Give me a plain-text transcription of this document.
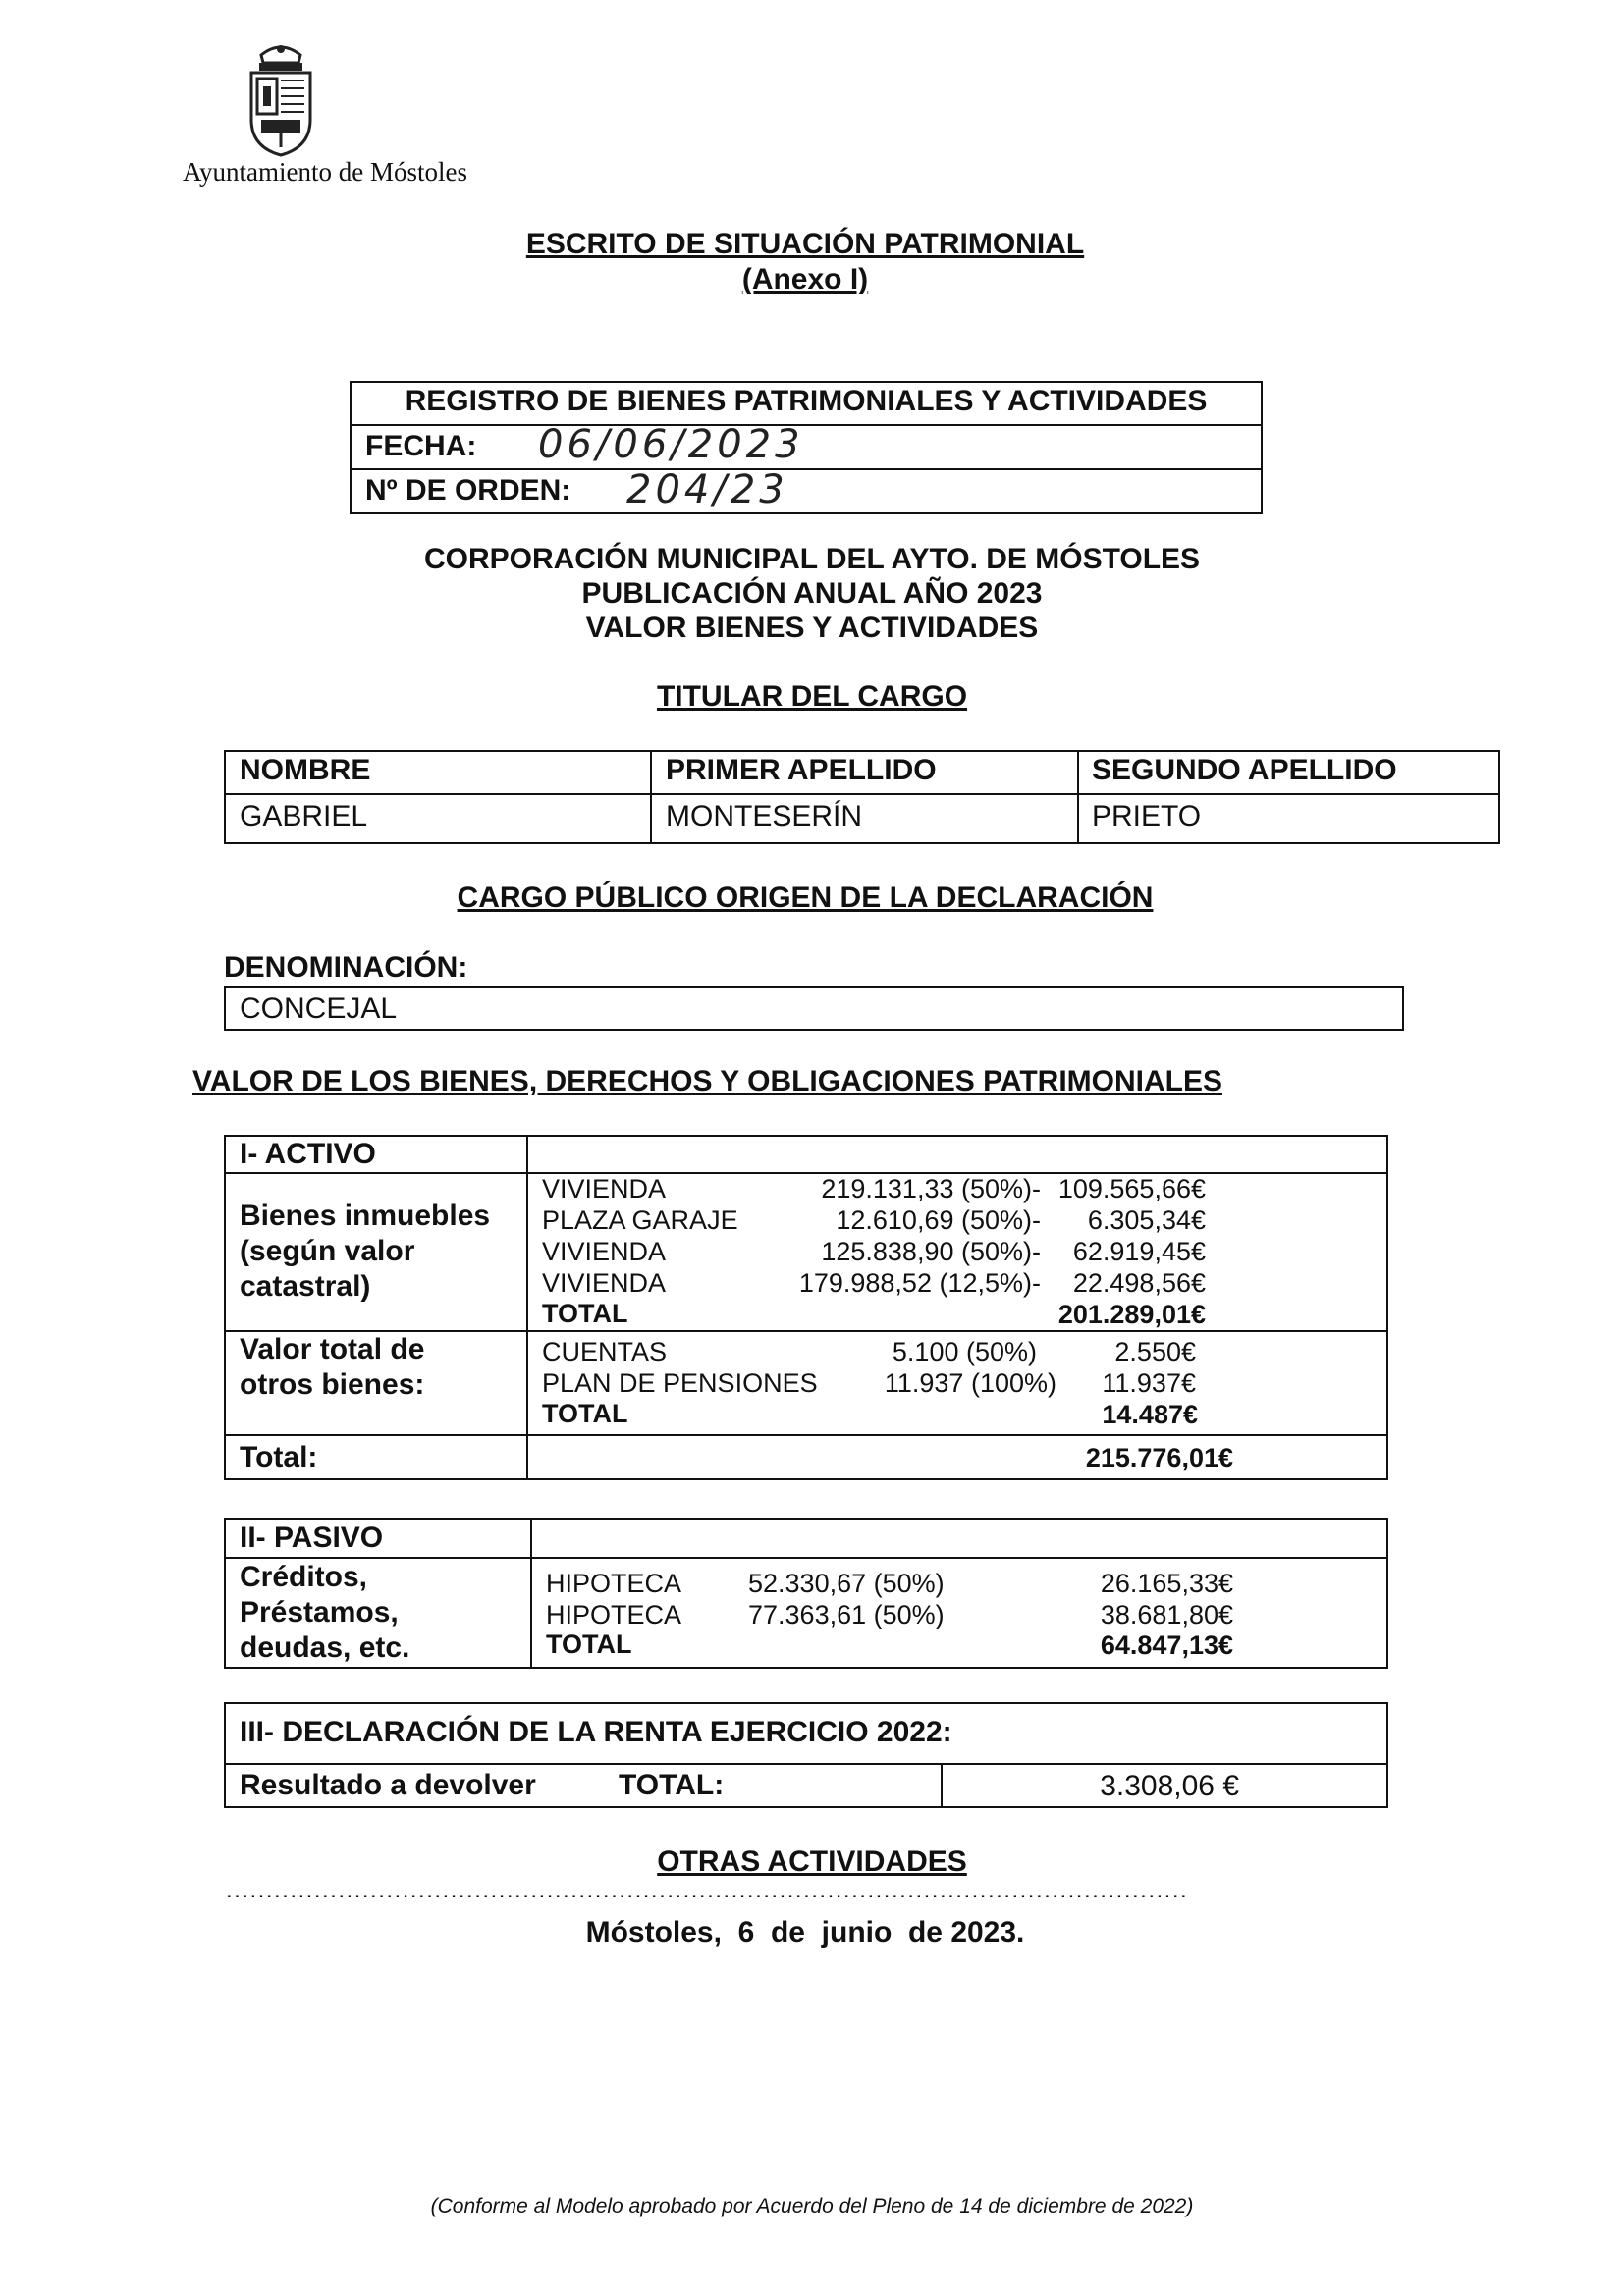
Ayuntamiento de Móstoles
ESCRITO DE SITUACIÓN PATRIMONIAL
(Anexo I)
REGISTRO DE BIENES PATRIMONIALES Y ACTIVIDADES
FECHA: 06/06/2023
Nº DE ORDEN: 204/23
CORPORACIÓN MUNICIPAL DEL AYTO. DE MÓSTOLES
PUBLICACIÓN ANUAL AÑO 2023
VALOR BIENES Y ACTIVIDADES
TITULAR DEL CARGO
NOMBRE	PRIMER APELLIDO	SEGUNDO APELLIDO
GABRIEL	MONTESERÍN	PRIETO
CARGO PÚBLICO ORIGEN DE LA DECLARACIÓN
DENOMINACIÓN:
CONCEJAL
VALOR DE LOS BIENES, DERECHOS Y OBLIGACIONES PATRIMONIALES
I- ACTIVO
Bienes inmuebles
(según valor
catastral)
VIVIENDA	219.131,33 (50%)- 109.565,66€
PLAZA GARAJE	12.610,69 (50%)-	6.305,34€
VIVIENDA	125.838,90 (50%)-	62.919,45€
VIVIENDA	179.988,52 (12,5%)-	22.498,56€
TOTAL	201.289,01€
Valor total de
otros bienes:
CUENTAS	5.100 (50%)	2.550€
PLAN DE PENSIONES	11.937 (100%)	11.937€
TOTAL	14.487€
Total:	215.776,01€
II- PASIVO
Créditos,
Préstamos,
deudas, etc.
HIPOTECA	52.330,67 (50%)	26.165,33€
HIPOTECA	77.363,61 (50%)	38.681,80€
TOTAL	64.847,13€
III- DECLARACIÓN DE LA RENTA EJERCICIO 2022:
Resultado a devolver	TOTAL:	3.308,06 €
OTRAS ACTIVIDADES
........................................................................................................................
Móstoles,  6  de  junio  de 2023.
(Conforme al Modelo aprobado por Acuerdo del Pleno de 14 de diciembre de 2022)
